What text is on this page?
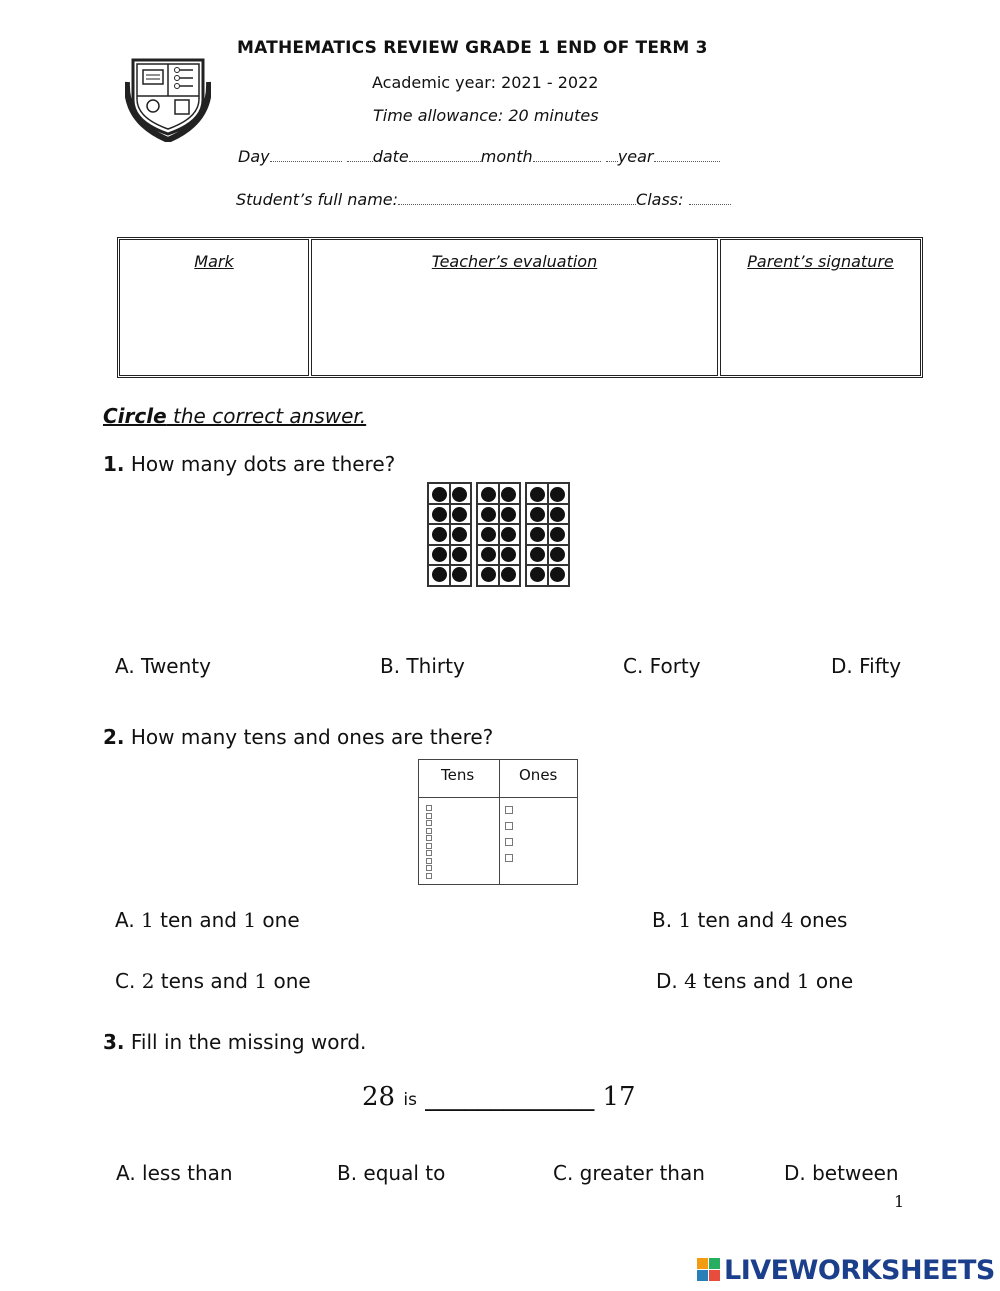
MATHEMATICS REVIEW GRADE 1 END OF TERM 3
Academic year: 2021 - 2022
Time allowance: 20 minutes
Day	date	month	year
Student’s full name:	Class:
Mark	Teacher’s evaluation	Parent’s signature
Circle the correct answer.
1. How many dots are there?
A. Twenty	B. Thirty	C. Forty	D. Fifty
2. How many tens and ones are there?
Tens	Ones
A. 1 ten and 1 one	B. 1 ten and 4 ones
C. 2 tens and 1 one	D. 4 tens and 1 one
3. Fill in the missing word.
28 is _____________ 17
A. less than	B. equal to	C. greater than	D. between
1
LIVEWORKSHEETS
